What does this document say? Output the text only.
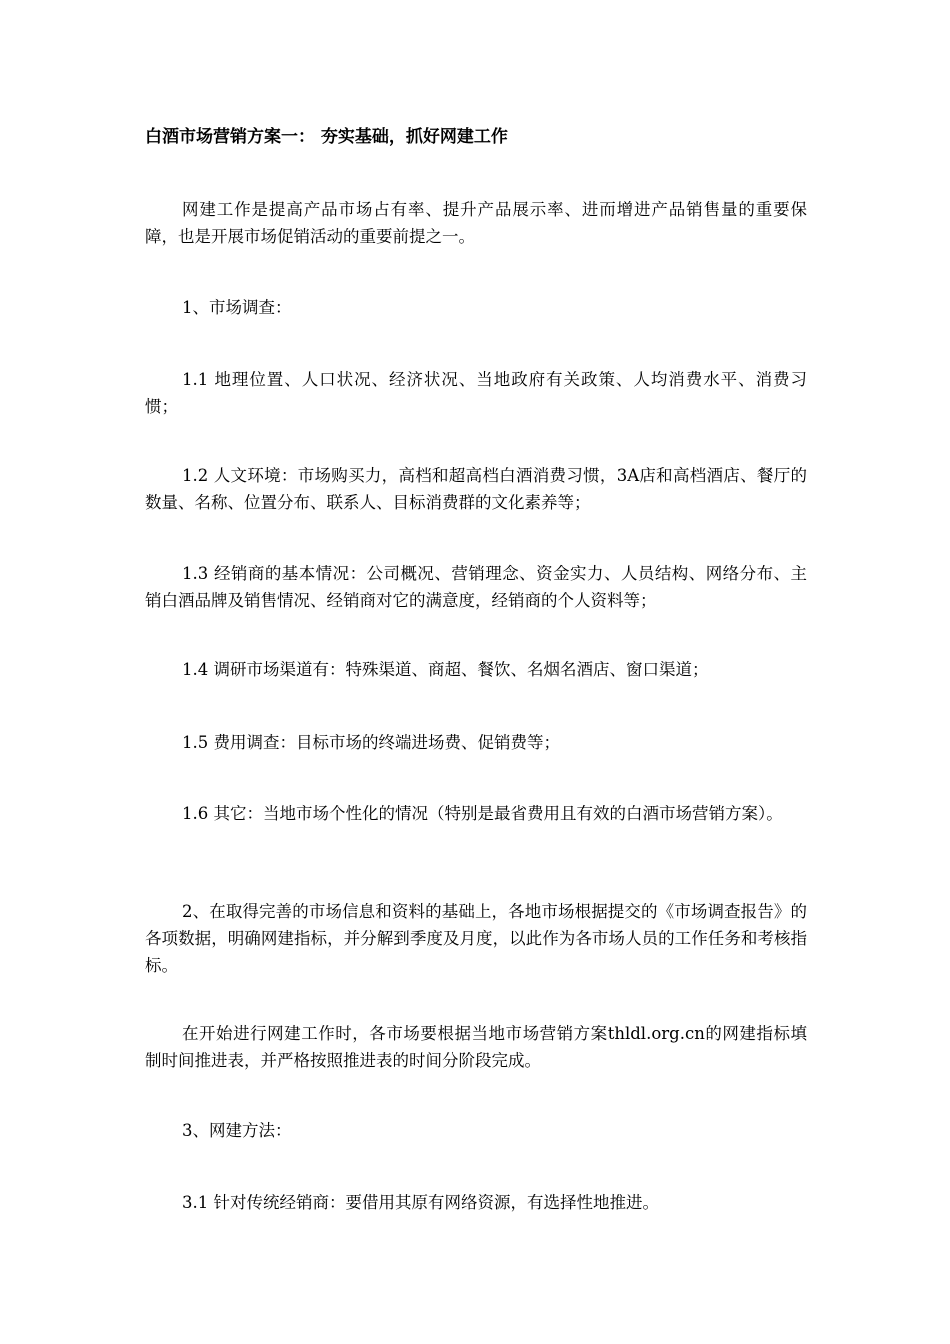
白酒市场营销方案一： 夯实基础，抓好网建工作

网建工作是提高产品市场占有率、提升产品展示率、进而增进产品销售量的重要保障，也是开展市场促销活动的重要前提之一。

1、市场调查：

1.1 地理位置、人口状况、经济状况、当地政府有关政策、人均消费水平、消费习惯；

1.2 人文环境：市场购买力，高档和超高档白酒消费习惯，3A店和高档酒店、餐厅的数量、名称、位置分布、联系人、目标消费群的文化素养等；

1.3 经销商的基本情况：公司概况、营销理念、资金实力、人员结构、网络分布、主销白酒品牌及销售情况、经销商对它的满意度，经销商的个人资料等；

1.4 调研市场渠道有：特殊渠道、商超、餐饮、名烟名酒店、窗口渠道；

1.5 费用调查：目标市场的终端进场费、促销费等；

1.6 其它：当地市场个性化的情况（特别是最省费用且有效的白酒市场营销方案）。

2、在取得完善的市场信息和资料的基础上，各地市场根据提交的《市场调查报告》的各项数据，明确网建指标，并分解到季度及月度，以此作为各市场人员的工作任务和考核指标。

在开始进行网建工作时，各市场要根据当地市场营销方案thldl.org.cn的网建指标填制时间推进表，并严格按照推进表的时间分阶段完成。

3、网建方法：

3.1 针对传统经销商：要借用其原有网络资源，有选择性地推进。
